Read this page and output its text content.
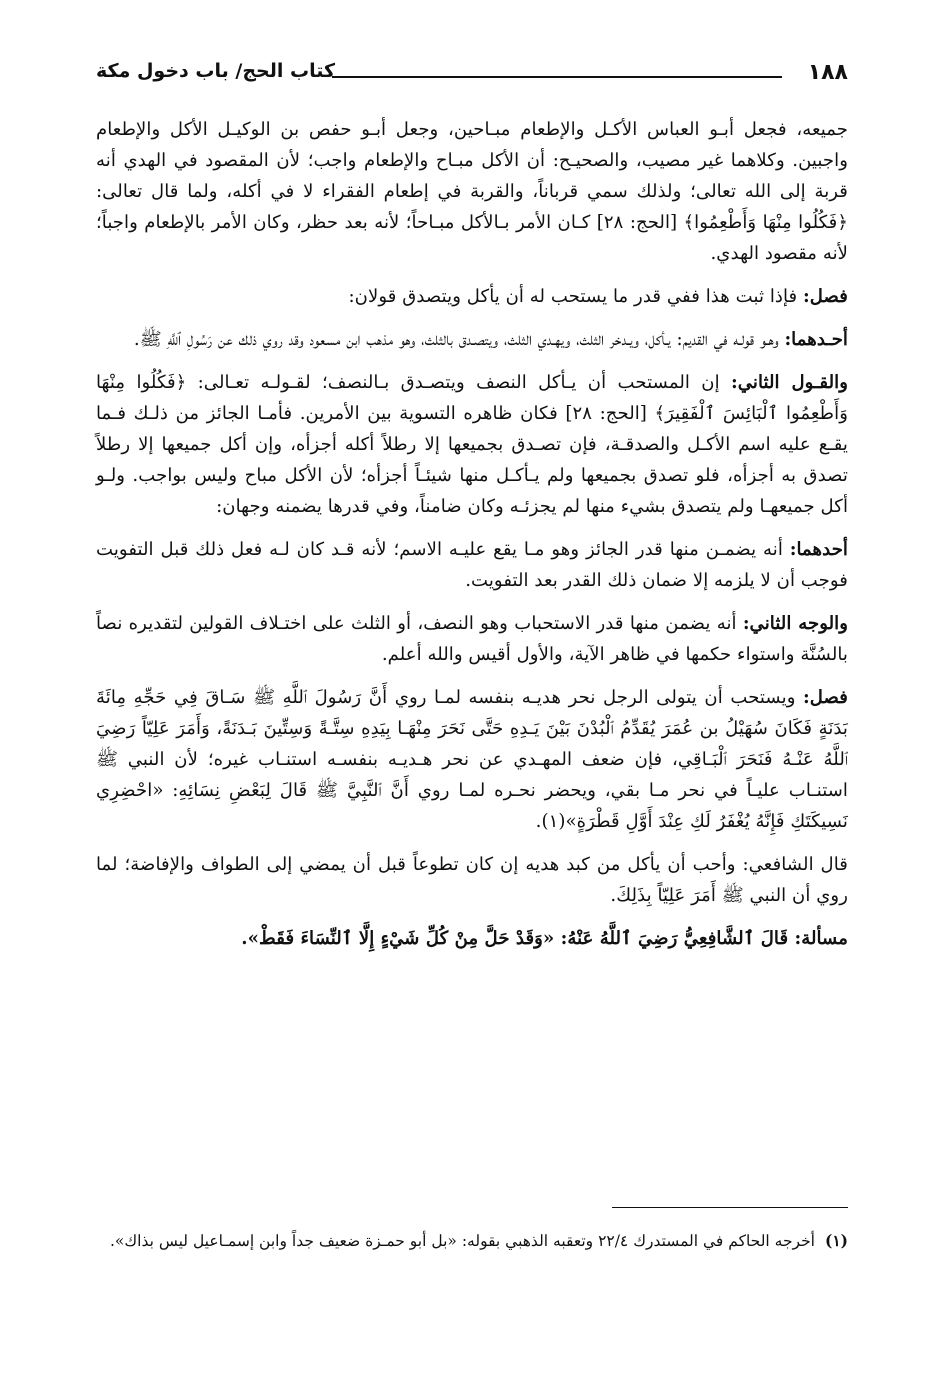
١٨٨
كتاب الحج/ باب دخول مكة

جميعه، فجعل أبـو العباس الأكـل والإطعام مبـاحين، وجعل أبـو حفص بن الوكيـل الأكل والإطعام واجبين. وكلاهما غير مصيب، والصحيـح: أن الأكل مبـاح والإطعام واجب؛ لأن المقصود في الهدي أنه قربة إلى الله تعالى؛ ولذلك سمي قرباناً، والقربة في إطعام الفقراء لا في أكله، ولما قال تعالى: ﴿فَكُلُوا مِنْهَا وَأَطْعِمُوا﴾ [الحج: ٢٨] كـان الأمر بـالأكل مبـاحاً؛ لأنه بعد حظر، وكان الأمر بالإطعام واجباً؛ لأنه مقصود الهدي.

فصل: فإذا ثبت هذا ففي قدر ما يستحب له أن يأكل ويتصدق قولان:

أحـدهما: وهـو قولـه في القديم: يـأكل، ويـدخر الثلث، ويهـدي الثلث، ويتصـدق بالثلث، وهو مذهب ابن مسعود وقد روي ذلك عن رَسُولِ ٱللَّهِ ﷺ.

والقـول الثاني: إن المستحب أن يـأكل النصف ويتصـدق بـالنصف؛ لقـولـه تعـالى: ﴿فَكُلُوا مِنْهَا وَأَطْعِمُوا ٱلْبَائِسَ ٱلْفَقِيرَ﴾ [الحج: ٢٨] فكان ظاهره التسوية بين الأمرين. فأمـا الجائز من ذلـك فـما يقـع عليه اسم الأكـل والصدقـة، فإن تصـدق بجميعها إلا رطلاً أكله أجزأه، وإن أكل جميعها إلا رطلاً تصدق به أجزأه، فلو تصدق بجميعها ولم يـأكـل منها شيئـاً أجزأه؛ لأن الأكل مباح وليس بواجب. ولـو أكل جميعهـا ولم يتصدق بشيء منها لم يجزئـه وكان ضامناً، وفي قدرها يضمنه وجهان:

أحدهما: أنه يضمـن منها قدر الجائز وهو مـا يقع عليـه الاسم؛ لأنه قـد كان لـه فعل ذلك قبل التفويت فوجب أن لا يلزمه إلا ضمان ذلك القدر بعد التفويت.

والوجه الثاني: أنه يضمن منها قدر الاستحباب وهو النصف، أو الثلث على اختـلاف القولين لتقديره نصاً بالسُنَّة واستواء حكمها في ظاهر الآية، والأول أقيس والله أعلم.

فصل: ويستحب أن يتولى الرجل نحر هديـه بنفسه لمـا روي أَنَّ رَسُولَ ٱللَّهِ ﷺ سَـاقَ فِي حَجِّهِ مِائَةَ بَدَنَةٍ فَكَانَ سُهَيْلُ بن عُمَرَ يُقَدِّمُ ٱلْبُدْنَ بَيْنَ يَـدِهِ حَتَّى نَحَرَ مِنْهَـا بِيَدِهِ سِتَّـةً وَسِتِّينَ بَـدَنَةً، وَأَمَرَ عَلِيّاً رَضِيَ ٱللَّهُ عَنْـهُ فَنَحَرَ ٱلْبَـاقِي، فإن ضعف المهـدي عن نحر هـديـه بنفسـه استنـاب غيره؛ لأن النبي ﷺ استنـاب عليـاً في نحر مـا بقي، ويحضر نحـره لمـا روي أَنَّ ٱلنَّبِيَّ ﷺ قَالَ لِبَعْضِ نِسَائِهِ: «احْضِرِي نَسِيكَتَكِ فَإِنَّهُ يُغْفَرُ لَكِ عِنْدَ أَوَّلِ قَطْرَةٍ»(١).

قال الشافعي: وأحب أن يأكل من كبد هديه إن كان تطوعاً قبل أن يمضي إلى الطواف والإفاضة؛ لما روي أن النبي ﷺ أَمَرَ عَلِيّاً بِذَلِكَ.

مسألة: قَالَ ٱلشَّافِعِيُّ رَضِيَ ٱللَّهُ عَنْهُ: «وَقَدْ حَلَّ مِنْ كُلِّ شَيْءٍ إِلَّا ٱلنِّسَاءَ فَقَطْ».

(١)أخرجه الحاكم في المستدرك ٢٢/٤ وتعقبه الذهبي بقوله: «بل أبو حمـزة ضعيف جداً وابن إسمـاعيل ليس بذاك».
